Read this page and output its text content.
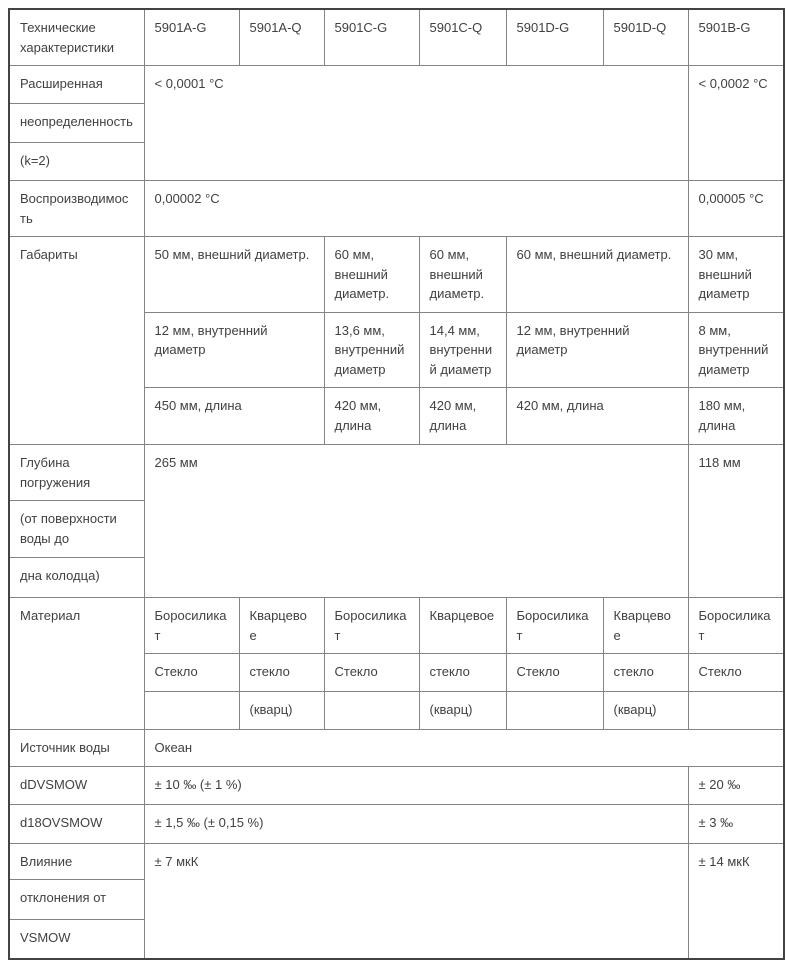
Технические характеристики	5901A-G	5901A-Q	5901C-G	5901C-Q	5901D-G	5901D-Q	5901B-G
Расширенная	< 0,0001 °C						< 0,0002 °C
неопределенность							
(k=2)							
Воспроизводимость	0,00002 °C						0,00005 °C
Габариты	50 мм, внешний диаметр.		60 мм, внешний диаметр.	60 мм, внешний диаметр.	60 мм, внешний диаметр.		30 мм, внешний диаметр
	12 мм, внутренний диаметр		13,6 мм, внутренний диаметр	14,4 мм, внутренний диаметр	12 мм, внутренний диаметр		8 мм, внутренний диаметр
	450 мм, длина		420 мм, длина	420 мм, длина	420 мм, длина		180 мм, длина
Глубина погружения	265 мм						118 мм
(от поверхности воды до							
дна колодца)							
Материал	Боросиликат	Кварцевое	Боросиликат	Кварцевое	Боросиликат	Кварцевое	Боросиликат
	Стекло	стекло	Стекло	стекло	Стекло	стекло	Стекло
		(кварц)		(кварц)		(кварц)	
Источник воды	Океан						
dDVSMOW	± 10 ‰ (± 1 %)						± 20 ‰
d18OVSMOW	± 1,5 ‰ (± 0,15 %)						± 3 ‰
Влияние	± 7 мкК						± 14 мкК
отклонения от							
VSMOW							
